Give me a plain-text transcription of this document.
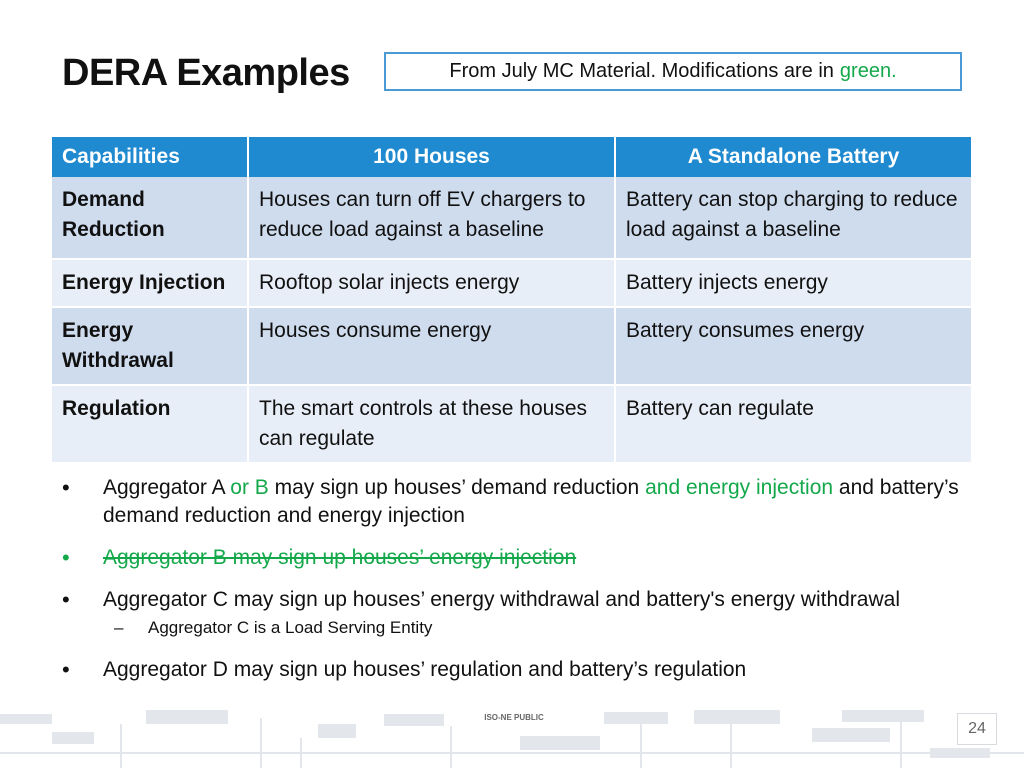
DERA Examples	From July MC Material. Modifications are in green.
Capabilities	100 Houses	A Standalone Battery
Demand Reduction	Houses can turn off EV chargers to reduce load against a baseline	Battery can stop charging to reduce load against a baseline
Energy Injection	Rooftop solar injects energy	Battery injects energy
Energy Withdrawal	Houses consume energy	Battery consumes energy
Regulation	The smart controls at these houses can regulate	Battery can regulate
•	Aggregator A or B may sign up houses’ demand reduction and energy injection and battery’s demand reduction and energy injection
•	Aggregator B may sign up houses’ energy injection
•	Aggregator C may sign up houses’ energy withdrawal and battery's energy withdrawal
– Aggregator C is a Load Serving Entity
•	Aggregator D may sign up houses’ regulation and battery’s regulation
ISO-NE PUBLIC
24
